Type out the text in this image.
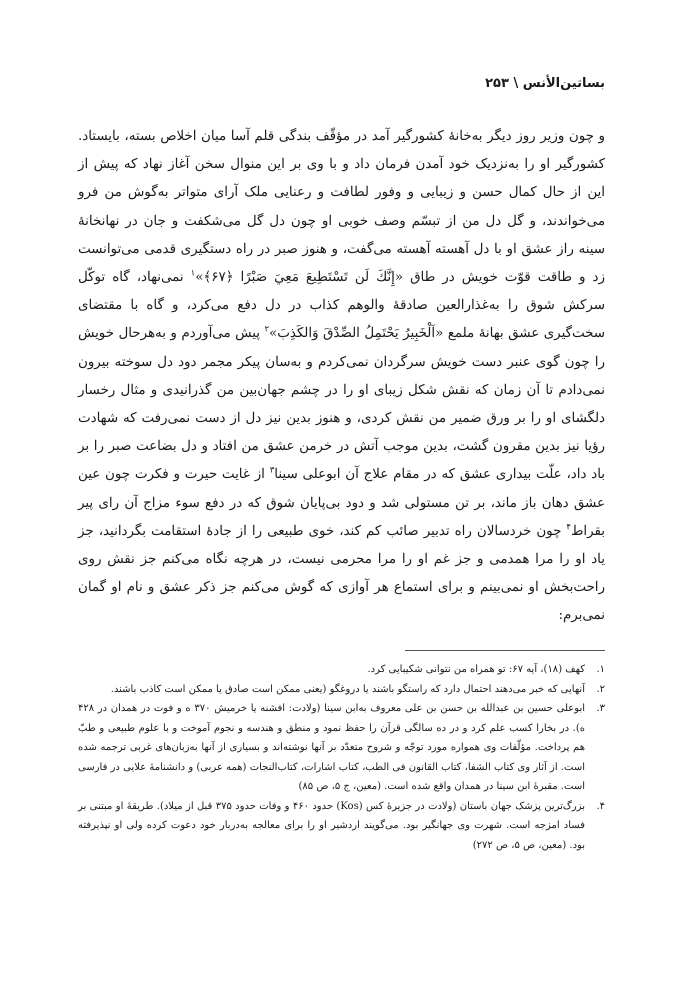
بساتين‌الأنس \ ۲۵۳

و چون وزیر روز دیگر به‌خانهٔ کشورگیر آمد در مؤقّف بندگی قلم آسا میان اخلاص بسته، بایستاد. کشورگیر او را به‌نزدیک خود آمدن فرمان داد و با وی بر این منوال سخن آغاز نهاد که پیش از این از حال کمال حسن و زیبایی و وفور لطافت و رعنایی ملک آرای متواتر به‌گوش من فرو می‌خواندند، و گل دل من از تبسّم وصف خوبی او چون دل گل می‌شکفت و جان در نهانخانهٔ سینه راز عشق او با دل آهسته آهسته می‌گفت، و هنوز صبر در راه دستگیری قدمی می‌توانست زد و طاقت قوّت خویش در طاق «إِنَّكَ لَن تَسْتَطِيعَ مَعِيَ صَبْرًا ﴿۶۷﴾»$^۱$ نمی‌نهاد، گاه توکّل سرکش شوق را به‌غذارالعین صادقهٔ والوهم کذاب در دل دفع می‌کرد، و گاه با مقتضای سخت‌گیری عشق بهانهٔ ملمع «اَلْخَبِيرُ يَحْتَمِلُ الصِّدْقَ وَالكَذِبَ»$^۲$ پیش می‌آوردم و به‌هرحال خویش را چون گوی عنبر دست خویش سرگردان نمی‌کردم و به‌سان پیکر مجمر دود دل سوخته بیرون نمی‌دادم تا آن زمان که نقش شکل زیبای او را در چشم جهان‌بین من گذرانیدی و مثال رخسار دلگشای او را بر ورق ضمیر من نقش کردی، و هنوز بدین نیز دل از دست نمی‌رفت که شهادت رؤیا نیز بدین مقرون گشت، بدین موجب آتش در خرمن عشق من افتاد و دل بضاعت صبر را بر باد داد، علّت بیداری عشق که در مقام علاج آن ابوعلی سینا$^۳$ از غایت حیرت و فکرت چون عین عشق دهان باز ماند، بر تن مستولی شد و دود بی‌پایان شوق که در دفع سوء مزاج آن رای پیر بقراط$^۴$ چون خردسالان راه تدبیر صائب کم کند، خوی طبیعی را از جادهٔ استقامت بگردانید، جز یاد او را مرا همدمی و جز غم او را مرا محرمی نیست، در هرچه نگاه می‌کنم جز نقش روی راحت‌بخش او نمی‌بینم و برای استماع هر آوازی که گوش می‌کنم جز ذکر عشق و نام او گمان نمی‌برم:

۱.
کهف (۱۸)، آیه ۶۷: تو همراه من نتوانی شکیبایی کرد.
۲.
آنهایی که خبر می‌دهند احتمال دارد که راستگو باشند یا دروغگو (یعنی ممکن است صادق یا ممکن است کاذب باشند.
۳.
ابوعلی حسین بن عبدالله بن حسن بن علی معروف به‌ابن سینا (ولادت: افشنه یا خرمیش ۳۷۰ ه و فوت در همدان در ۴۲۸ ه). در بخارا کسب علم کرد و در ده سالگی قرآن را حفظ نمود و منطق و هندسه و نجوم آموخت و با علوم طبیعی و طبّ هم پرداخت. مؤلّفات وی همواره مورد توجّه و شروح متعدّد بر آنها نوشته‌اند و بسیاری از آنها به‌زبان‌های غربی ترجمه شده است. از آثار وی کتاب الشفا، کتاب القانون فی الطب، کتاب اشارات، کتاب‌النجات (همه عربی) و دانشنامهٔ علایی در فارسی است. مقبرهٔ ابن سینا در همدان واقع شده است. (معین، ج ۵، ص ۸۵)
۴.
بزرگ‌ترین پزشک جهان باستان (ولادت در جزیرهٔ کس (Kos) حدود ۴۶۰ و وفات حدود ۳۷۵ قبل از میلاد). طریقهٔ او مبتنی بر فساد امزجه است. شهرت وی جهانگیر بود. می‌گویند اردشیر او را برای معالجه به‌دربار خود دعوت کرده ولی او نپذیرفته بود. (معین، ص ۵، ص ۲۷۲)
